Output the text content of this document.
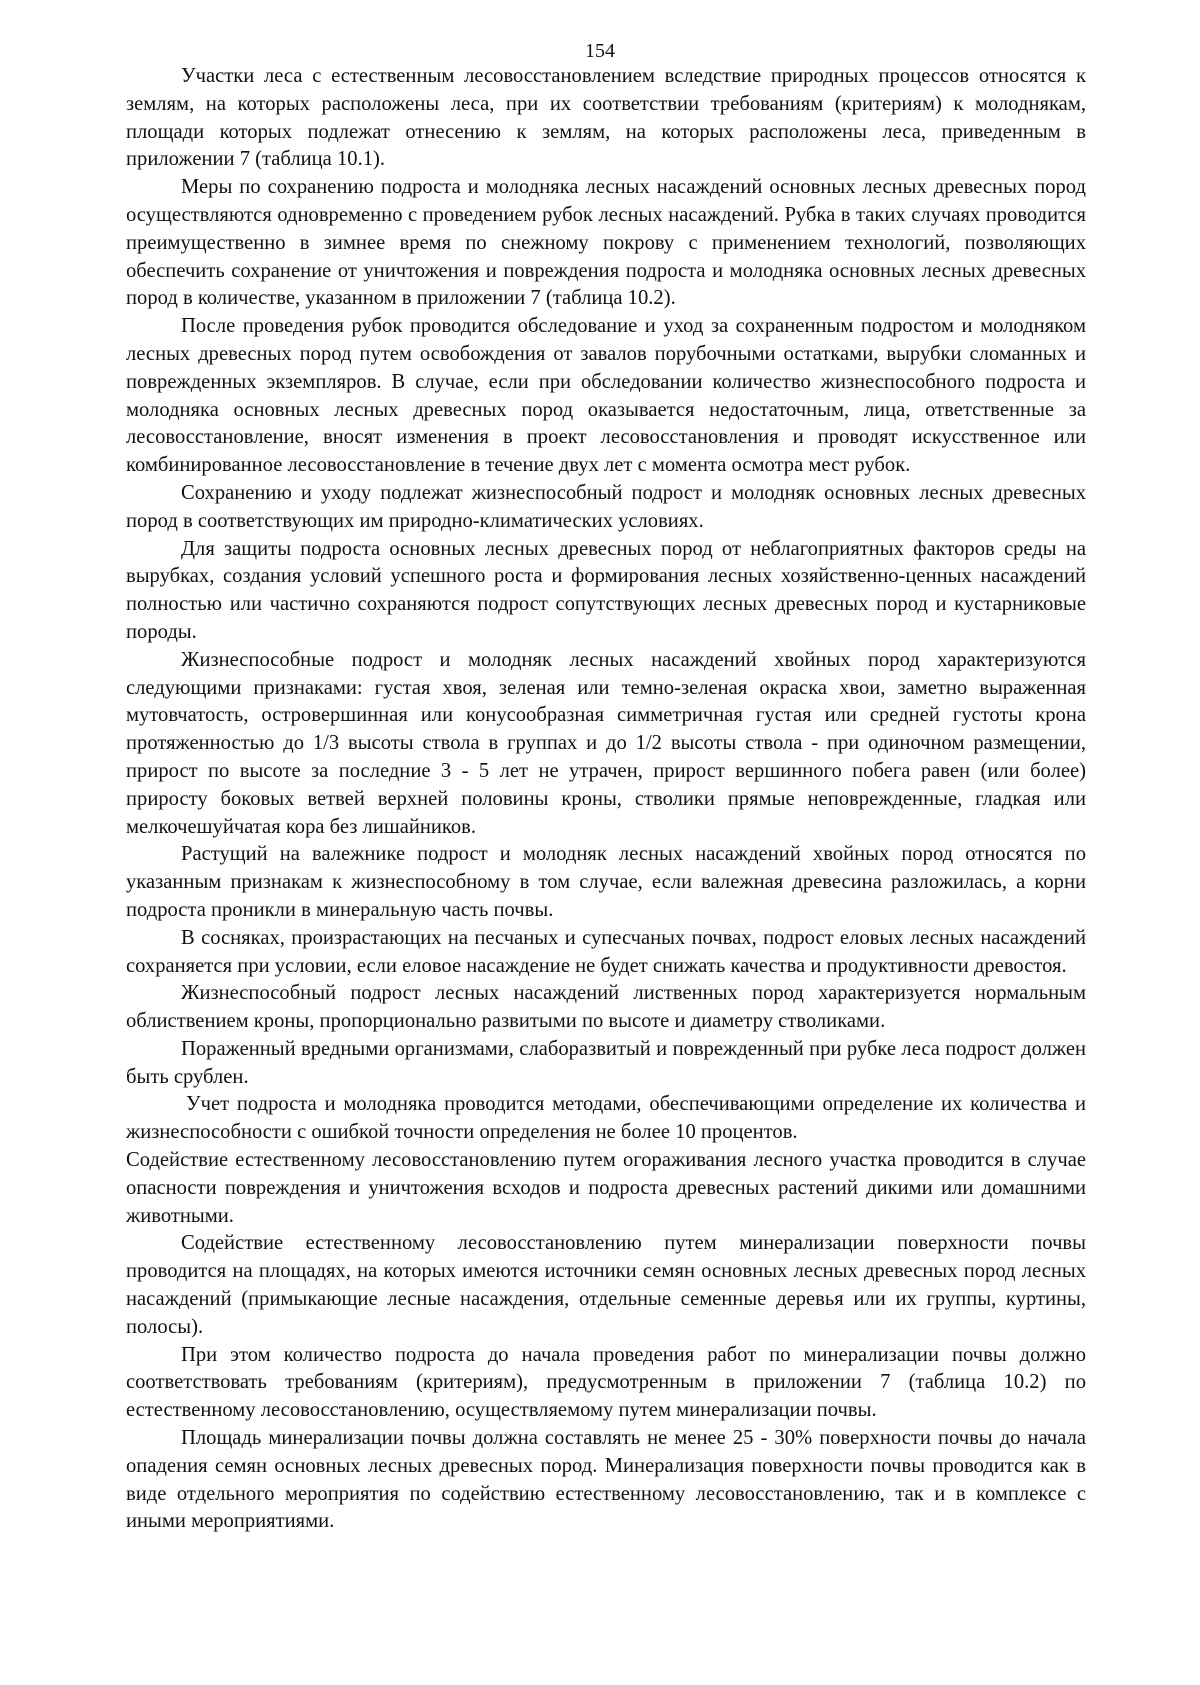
154

Участки леса с естественным лесовосстановлением вследствие природных процессов относятся к землям, на которых расположены леса, при их соответствии требованиям (критериям) к молоднякам, площади которых подлежат отнесению к землям, на которых расположены леса, приведенным в приложении 7 (таблица 10.1).

Меры по сохранению подроста и молодняка лесных насаждений основных лесных древесных пород осуществляются одновременно с проведением рубок лесных насаждений. Рубка в таких случаях проводится преимущественно в зимнее время по снежному покрову с применением технологий, позволяющих обеспечить сохранение от уничтожения и повреждения подроста и молодняка основных лесных древесных пород в количестве, указанном в приложении 7 (таблица 10.2).

После проведения рубок проводится обследование и уход за сохраненным подростом и молодняком лесных древесных пород путем освобождения от завалов порубочными остатками, вырубки сломанных и поврежденных экземпляров. В случае, если при обследовании количество жизнеспособного подроста и молодняка основных лесных древесных пород оказывается недостаточным, лица, ответственные за лесовосстановление, вносят изменения в проект лесовосстановления и проводят искусственное или комбинированное лесовосстановление в течение двух лет с момента осмотра мест рубок.

Сохранению и уходу подлежат жизнеспособный подрост и молодняк основных лесных древесных пород в соответствующих им природно-климатических условиях.

Для защиты подроста основных лесных древесных пород от неблагоприятных факторов среды на вырубках, создания условий успешного роста и формирования лесных хозяйственно-ценных насаждений полностью или частично сохраняются подрост сопутствующих лесных древесных пород и кустарниковые породы.

Жизнеспособные подрост и молодняк лесных насаждений хвойных пород характеризуются следующими признаками: густая хвоя, зеленая или темно-зеленая окраска хвои, заметно выраженная мутовчатость, островершинная или конусообразная симметричная густая или средней густоты крона протяженностью до 1/3 высоты ствола в группах и до 1/2 высоты ствола - при одиночном размещении, прирост по высоте за последние 3 - 5 лет не утрачен, прирост вершинного побега равен (или более) приросту боковых ветвей верхней половины кроны, стволики прямые неповрежденные, гладкая или мелкочешуйчатая кора без лишайников.

Растущий на валежнике подрост и молодняк лесных насаждений хвойных пород относятся по указанным признакам к жизнеспособному в том случае, если валежная древесина разложилась, а корни подроста проникли в минеральную часть почвы.

В сосняках, произрастающих на песчаных и супесчаных почвах, подрост еловых лесных насаждений сохраняется при условии, если еловое насаждение не будет снижать качества и продуктивности древостоя.

Жизнеспособный подрост лесных насаждений лиственных пород характеризуется нормальным облиствением кроны, пропорционально развитыми по высоте и диаметру стволиками.

Пораженный вредными организмами, слаборазвитый и поврежденный при рубке леса подрост должен быть срублен.

Учет подроста и молодняка проводится методами, обеспечивающими определение их количества и жизнеспособности с ошибкой точности определения не более 10 процентов.

Содействие естественному лесовосстановлению путем огораживания лесного участка проводится в случае опасности повреждения и уничтожения всходов и подроста древесных растений дикими или домашними животными.

Содействие естественному лесовосстановлению путем минерализации поверхности почвы проводится на площадях, на которых имеются источники семян основных лесных древесных пород лесных насаждений (примыкающие лесные насаждения, отдельные семенные деревья или их группы, куртины, полосы).

При этом количество подроста до начала проведения работ по минерализации почвы должно соответствовать требованиям (критериям), предусмотренным в приложении 7 (таблица 10.2) по естественному лесовосстановлению, осуществляемому путем минерализации почвы.

Площадь минерализации почвы должна составлять не менее 25 - 30% поверхности почвы до начала опадения семян основных лесных древесных пород. Минерализация поверхности почвы проводится как в виде отдельного мероприятия по содействию естественному лесовосстановлению, так и в комплексе с иными мероприятиями.
